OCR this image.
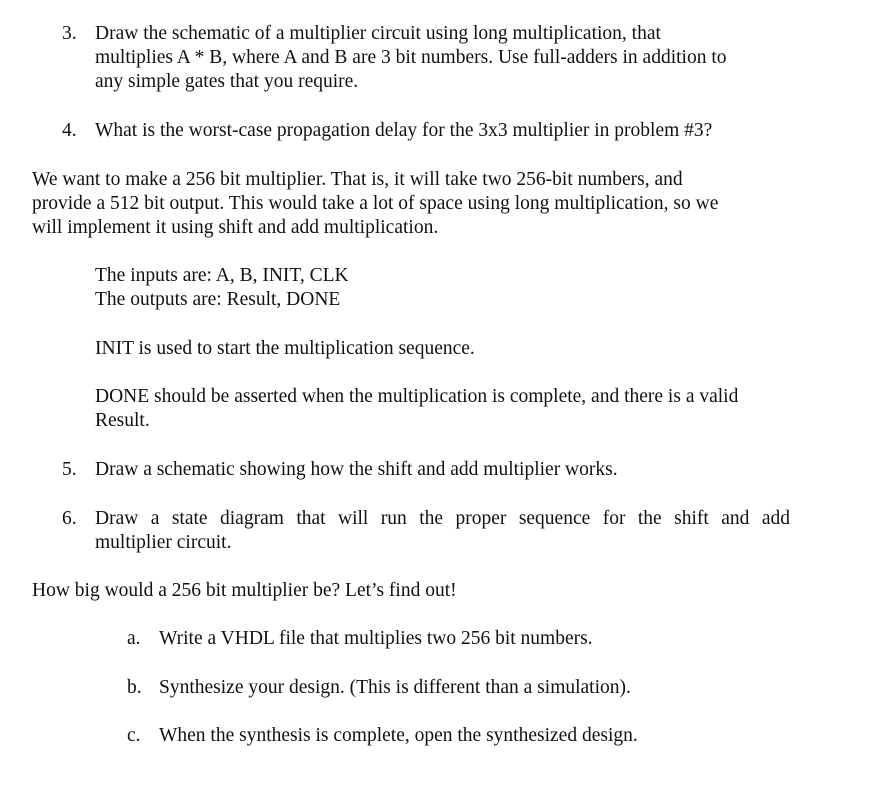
3. Draw the schematic of a multiplier circuit using long multiplication, that
multiplies A * B, where A and B are 3 bit numbers. Use full-adders in addition to
any simple gates that you require.
4. What is the worst-case propagation delay for the 3x3 multiplier in problem #3?
We want to make a 256 bit multiplier. That is, it will take two 256-bit numbers, and
provide a 512 bit output. This would take a lot of space using long multiplication, so we
will implement it using shift and add multiplication.
The inputs are: A, B, INIT, CLK
The outputs are: Result, DONE
INIT is used to start the multiplication sequence.
DONE should be asserted when the multiplication is complete, and there is a valid
Result.
5. Draw a schematic showing how the shift and add multiplier works.
6. Draw a state diagram that will run the proper sequence for the shift and add
multiplier circuit.
How big would a 256 bit multiplier be? Let’s find out!
a. Write a VHDL file that multiplies two 256 bit numbers.
b. Synthesize your design. (This is different than a simulation).
c. When the synthesis is complete, open the synthesized design.
